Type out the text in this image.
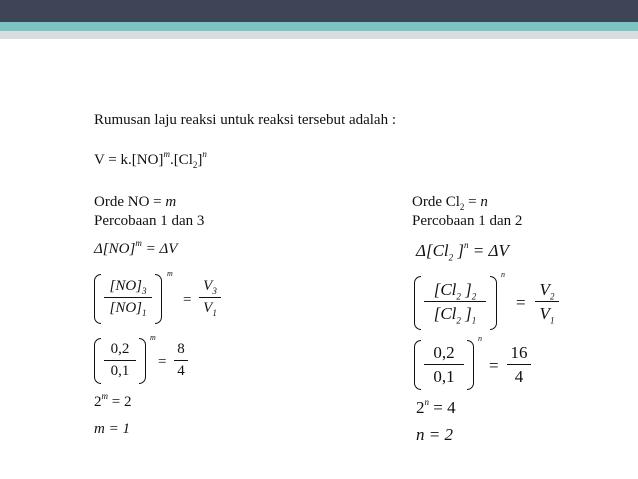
Rumusan laju reaksi untuk reaksi tersebut adalah :
$V = k.[NO]^m.[Cl_2]^n$
Orde NO = m
Percobaan 1 dan 3
Δ[NO]$^m$ = ΔV
$[NO]_3$
$[NO]_1$
m
=
$V_3$
$V_1$
0,2
0,1
m
=
8
4
$2^m = 2$
m = 1
Orde $Cl_2 = n$
Percobaan 1 dan 2
$\Delta[Cl_2$ ]$^n$ = ΔV
[$Cl_2$ ]$_2$
[$Cl_2$ ]$_1$
n
=
$V_2$
$V_1$
0,2
0,1
n
=
16
4
$2^n = 4$
n = 2
